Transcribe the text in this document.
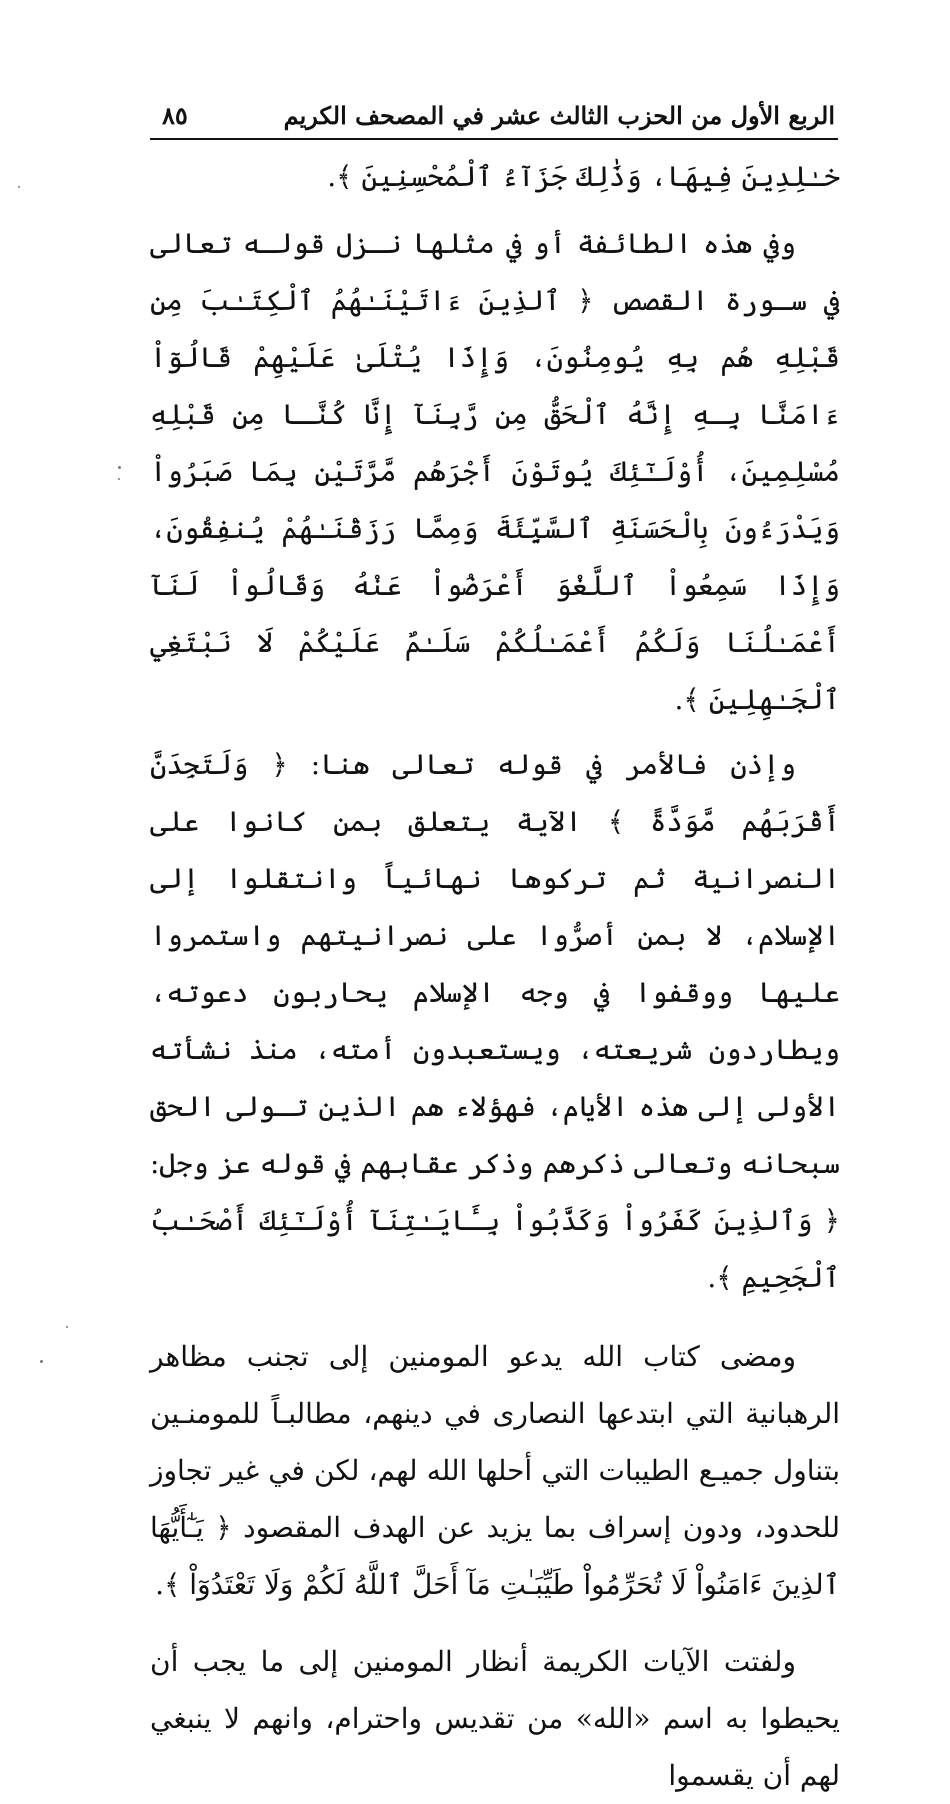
الربع الأول من الحزب الثالث عشر في المصحف الكريم
٨٥

خـٰلِدِينَ فِيهَا، وَذَٰلِكَ جَزَآءُ ٱلْمُحْسِنِينَ ﴾.

وفي هذه الطائفة أو في مثلها نـزل قولـه تعالى في سـورة القصص ﴿ ٱلذِينَ ءَاتَيْنَـٰهُمُ ٱلْكِتَـٰبَ مِن قَبْلِهِ هُم بِهِ يُومِنُونَ، وَإِذَا يُتْلَىٰ عَلَيْهِمْ قَالُوٓاْ ءَامَنَّا بِـهِ إِنَّهُ ٱلْحَقُّ مِن رَّبِنَآ إِنَّا كُنَّـا مِن قَبْلِهِ مُسْلِمِينَ، أُوْلَـٰٓئِكَ يُوتَوْنَ أَجْرَهُم مَّرَّتَيْنِ بِمَا صَبَرُواْ وَيَدْرَءُونَ بِالْحَسَنَةِ ٱلسَّيِّئَةَ وَمِمَّا رَزَقْنَـٰهُمْ يُنفِقُونَ، وَإِذَا سَمِعُواْ ٱللَّغْوَ أَعْرَضُواْ عَنْهُ وَقَالُواْ لَنَآ أَعْمَـٰلُنَا وَلَكُمُ أَعْمَـٰلُكُمْ سَلَـٰمٌ عَلَيْكُمْ لَا نَبْتَغِي ٱلْجَـٰهِلِينَ ﴾.

وإذن فالأمر في قوله تعالى هنا: ﴿ وَلَتَجِدَنَّ أَقْرَبَهُم مَّوَدَّةً ﴾ الآية يتعلق بمن كانوا على النصرانية ثم تركوها نهائياً وانتقلوا إلى الإسلام، لا بمن أصرُّوا على نصرانيتهم واستمروا عليها ووقفوا في وجه الإسلام يحاربون دعوته، ويطاردون شريعته، ويستعبدون أمته، منذ نشأته الأولى إلى هذه الأيام، فهؤلاء هم الذين تـولى الحق سبحانه وتعالى ذكرهم وذكر عقابهم في قوله عز وجل: ﴿ وَٱلذِينَ كَفَرُواْ وَكَذَّبُواْ بِـَٔايَـٰتِنَآ أُوْلَـٰٓئِكَ أَصْحَـٰبُ ٱلْجَحِيمِ ﴾.

ومضى كتاب الله يدعو المومنين إلى تجنب مظاهر الرهبانية التي ابتدعها النصارى في دينهم، مطالبـاً للمومنـين بتناول جميـع الطيبات التي أحلها الله لهم، لكن في غير تجاوز للحدود، ودون إسراف بما يزيد عن الهدف المقصود ﴿ يَـٰٓأَيُّهَا ٱلذِينَ ءَامَنُواْ لَا تُحَرِّمُواْ طَيِّبَـٰتِ مَآ أَحَلَّ ٱللَّهُ لَكُمْ وَلَا تَعْتَدُوٓاْ ﴾.

ولفتت الآيات الكريمة أنظار المومنين إلى ما يجب أن يحيطوا به اسم «الله» من تقديس واحترام، وانهم لا ينبغي لهم أن يقسموا
